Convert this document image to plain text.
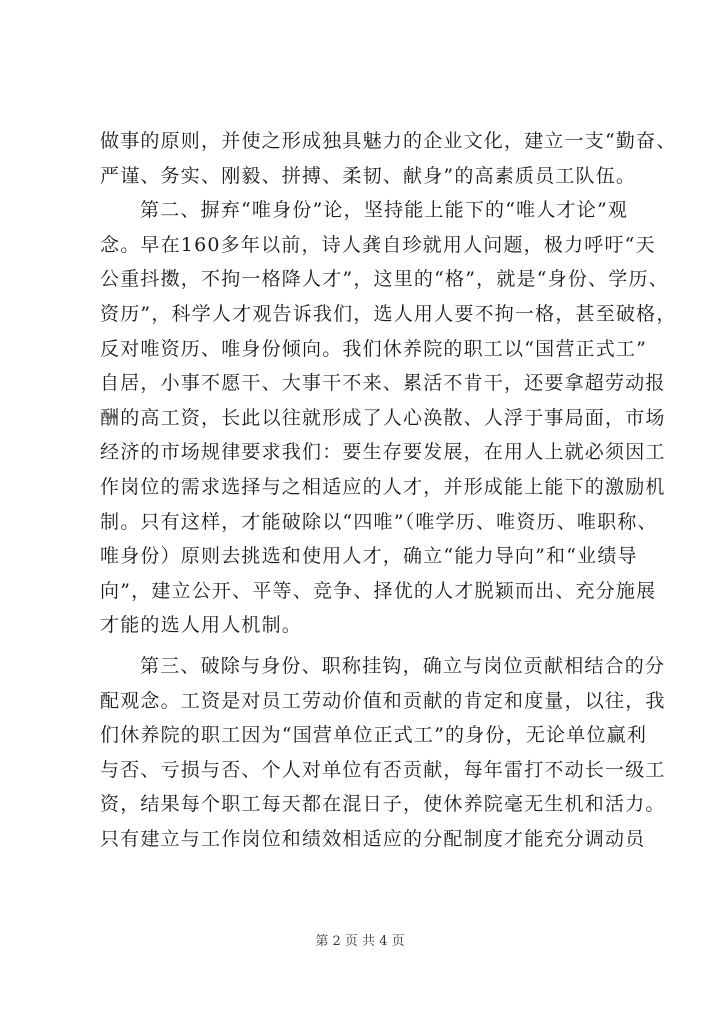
做事的原则，并使之形成独具魅力的企业文化，建立一支“勤奋、
严谨、务实、刚毅、拼搏、柔韧、献身”的高素质员工队伍。
第二、摒弃“唯身份”论，坚持能上能下的“唯人才论”观
念。早在160多年以前，诗人龚自珍就用人问题，极力呼吁“天
公重抖擞，不拘一格降人才”，这里的“格”，就是“身份、学历、
资历”，科学人才观告诉我们，选人用人要不拘一格，甚至破格，
反对唯资历、唯身份倾向。我们休养院的职工以“国营正式工”
自居，小事不愿干、大事干不来、累活不肯干，还要拿超劳动报
酬的高工资，长此以往就形成了人心涣散、人浮于事局面，市场
经济的市场规律要求我们：要生存要发展，在用人上就必须因工
作岗位的需求选择与之相适应的人才，并形成能上能下的激励机
制。只有这样，才能破除以“四唯”（唯学历、唯资历、唯职称、
唯身份）原则去挑选和使用人才，确立“能力导向”和“业绩导
向”，建立公开、平等、竞争、择优的人才脱颖而出、充分施展
才能的选人用人机制。
第三、破除与身份、职称挂钩，确立与岗位贡献相结合的分
配观念。工资是对员工劳动价值和贡献的肯定和度量，以往，我
们休养院的职工因为“国营单位正式工”的身份，无论单位赢利
与否、亏损与否、个人对单位有否贡献，每年雷打不动长一级工
资，结果每个职工每天都在混日子，使休养院毫无生机和活力。
只有建立与工作岗位和绩效相适应的分配制度才能充分调动员
第 2 页 共 4 页
